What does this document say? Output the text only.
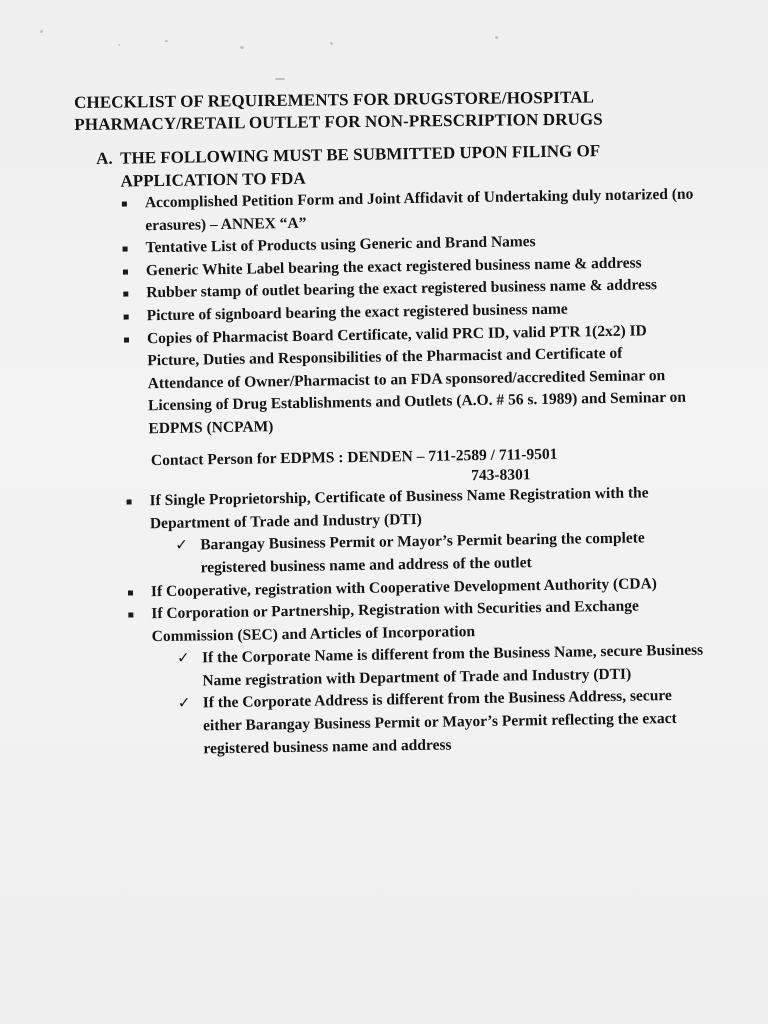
CHECKLIST OF REQUIREMENTS FOR DRUGSTORE/HOSPITAL
PHARMACY/RETAIL OUTLET FOR NON-PRESCRIPTION DRUGS
A. THE FOLLOWING MUST BE SUBMITTED UPON FILING OF
APPLICATION TO FDA
Accomplished Petition Form and Joint Affidavit of Undertaking duly notarized (no erasures) – ANNEX “A”
Tentative List of Products using Generic and Brand Names
Generic White Label bearing the exact registered business name & address
Rubber stamp of outlet bearing the exact registered business name & address
Picture of signboard bearing the exact registered business name
Copies of Pharmacist Board Certificate, valid PRC ID, valid PTR 1(2x2) ID Picture, Duties and Responsibilities of the Pharmacist and Certificate of Attendance of Owner/Pharmacist to an FDA sponsored/accredited Seminar on Licensing of Drug Establishments and Outlets (A.O. # 56 s. 1989) and Seminar on EDPMS (NCPAM)
Contact Person for EDPMS : DENDEN – 711-2589 / 711-9501
743-8301
If Single Proprietorship, Certificate of Business Name Registration with the Department of Trade and Industry (DTI)
✓ Barangay Business Permit or Mayor’s Permit bearing the complete registered business name and address of the outlet
If Cooperative, registration with Cooperative Development Authority (CDA)
If Corporation or Partnership, Registration with Securities and Exchange Commission (SEC) and Articles of Incorporation
✓ If the Corporate Name is different from the Business Name, secure Business Name registration with Department of Trade and Industry (DTI)
✓ If the Corporate Address is different from the Business Address, secure either Barangay Business Permit or Mayor’s Permit reflecting the exact registered business name and address
